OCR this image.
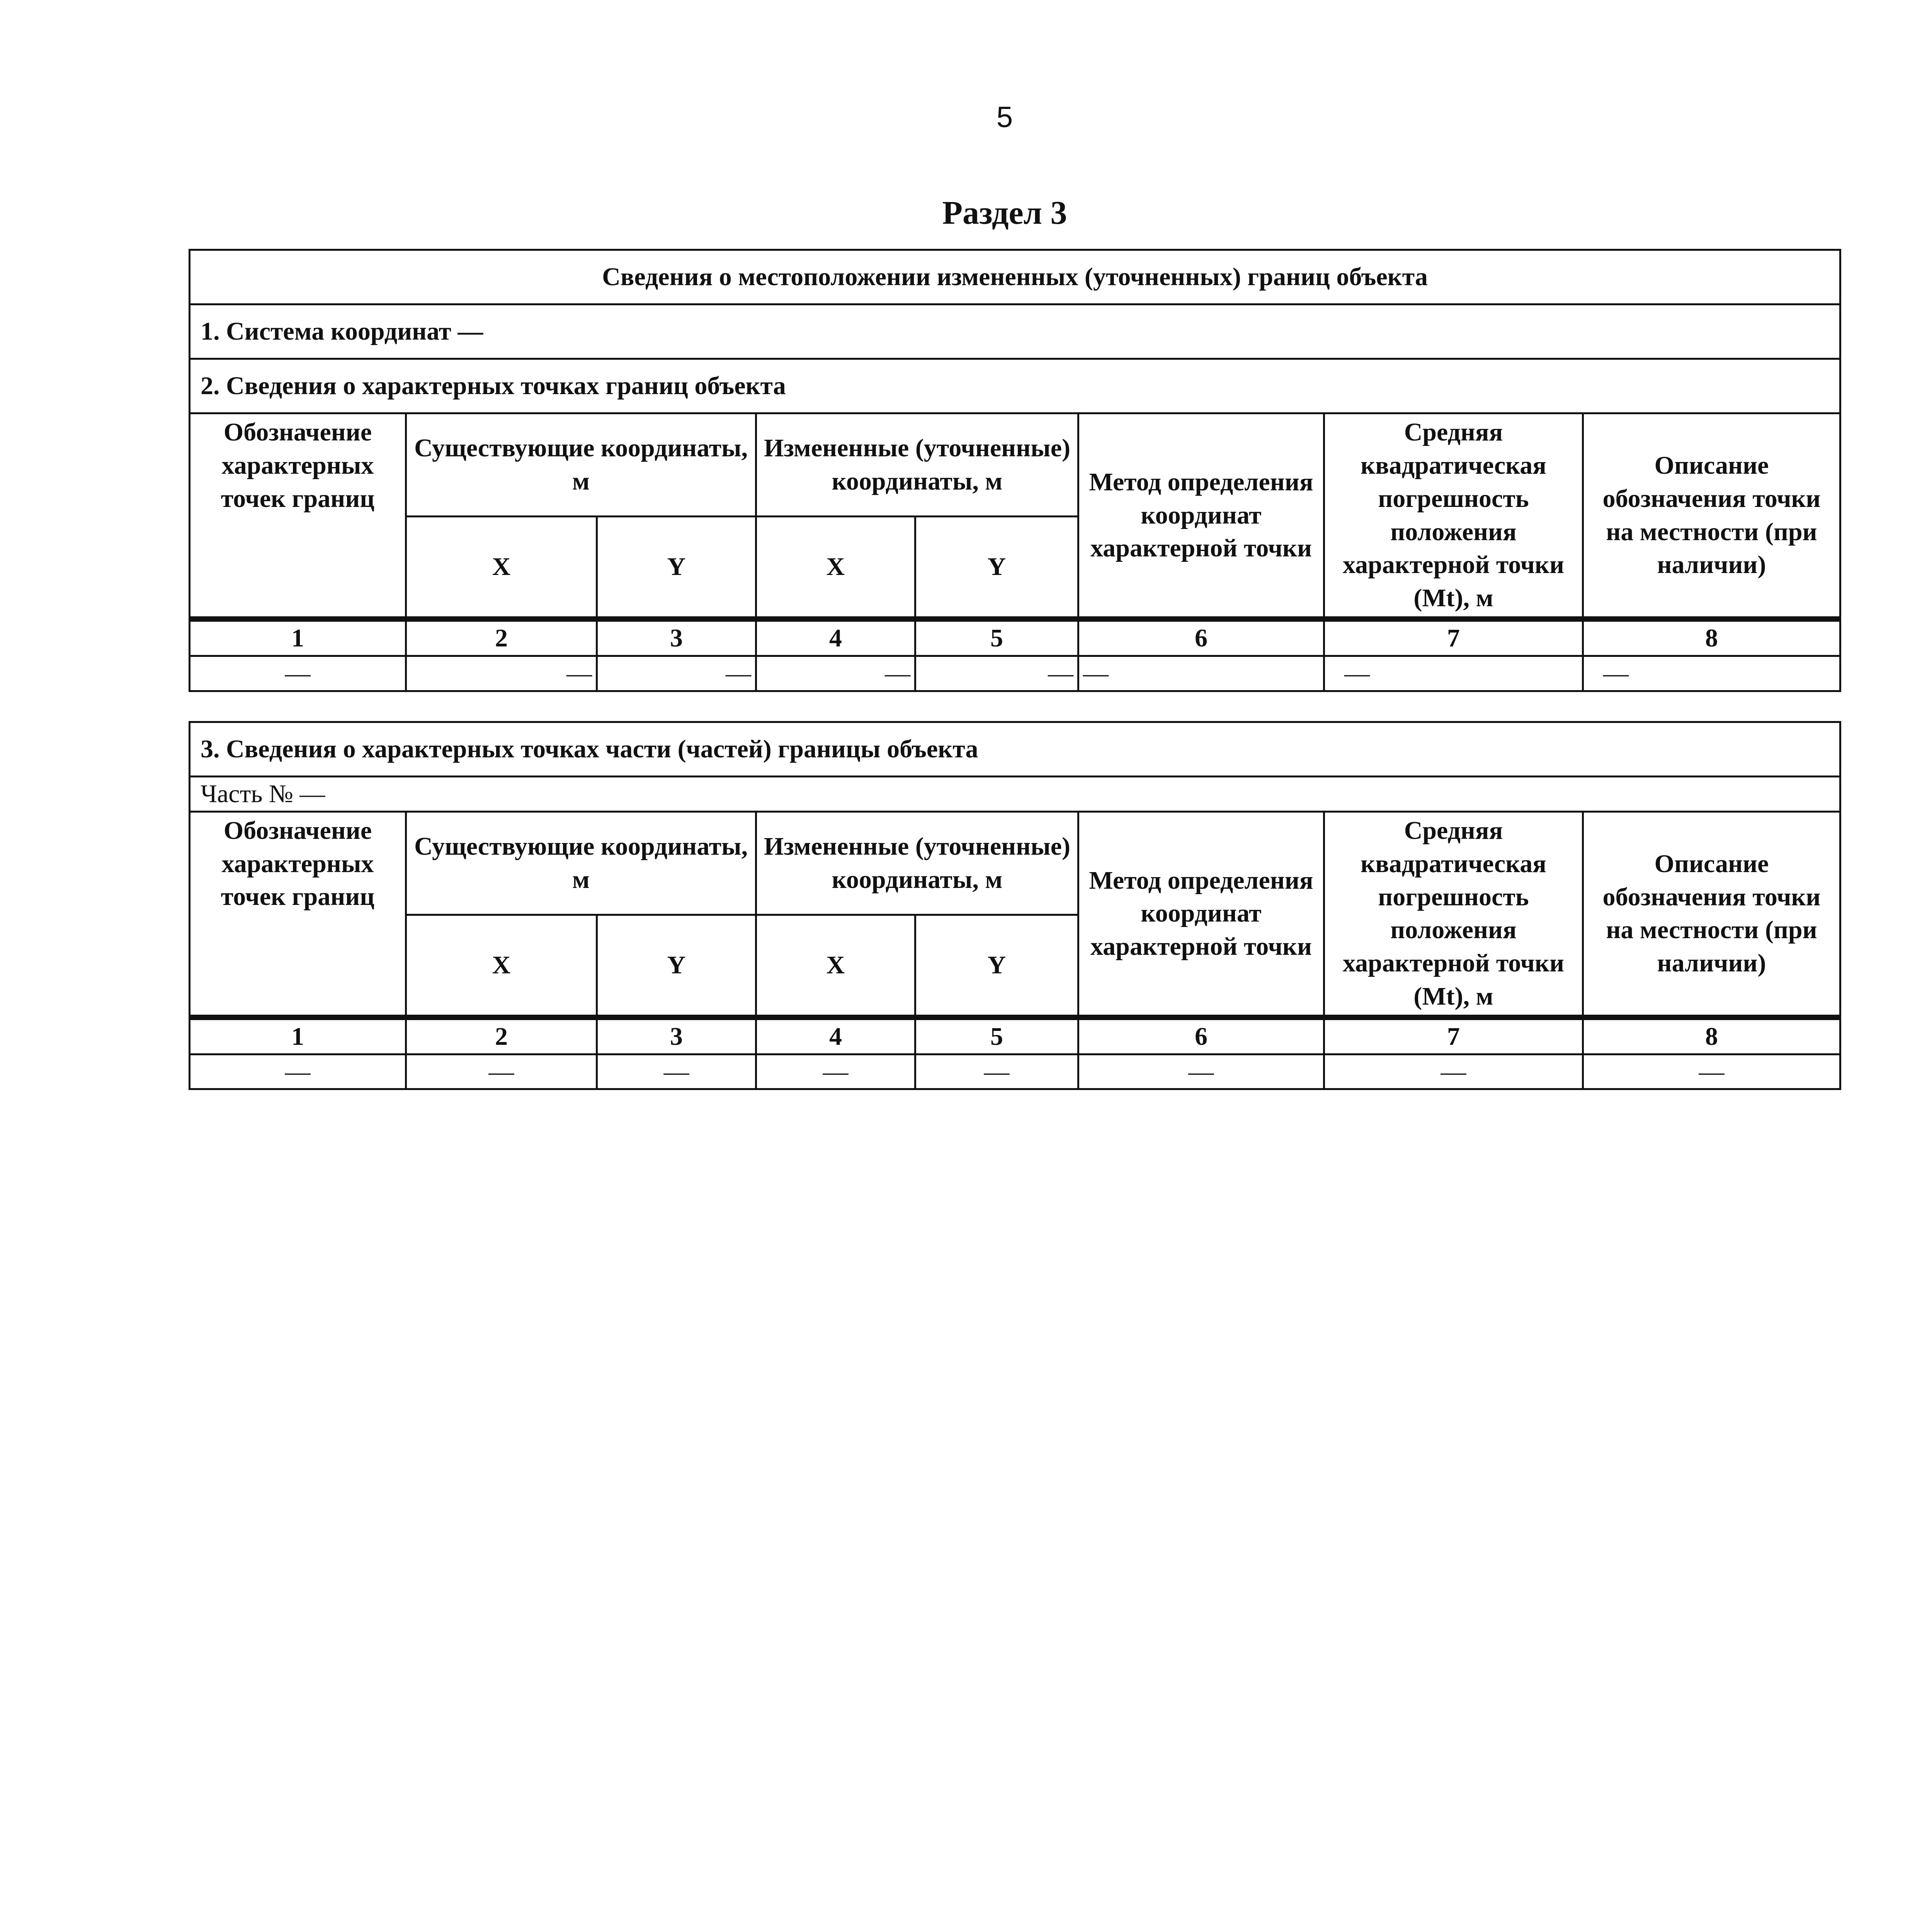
5
Раздел 3
Сведения о местоположении измененных (уточненных) границ объекта							
1. Система координат —							
2. Сведения о характерных точках границ объекта							
Обозначение характерных точек границ	Существующие координаты, м		Измененные (уточненные) координаты, м		Метод определения координат характерной точки	Средняя квадратическая погрешность положения характерной точки (Mt), м	Описание обозначения точки на местности (при наличии)
	X	Y	X	Y			
1	2	3	4	5	6	7	8
—	—	—	—	—	—	—	—
3. Сведения о характерных точках части (частей) границы объекта							
Часть № —							
Обозначение характерных точек границ	Существующие координаты, м		Измененные (уточненные) координаты, м		Метод определения координат характерной точки	Средняя квадратическая погрешность положения характерной точки (Mt), м	Описание обозначения точки на местности (при наличии)
	X	Y	X	Y			
1	2	3	4	5	6	7	8
—	—	—	—	—	—	—	—
